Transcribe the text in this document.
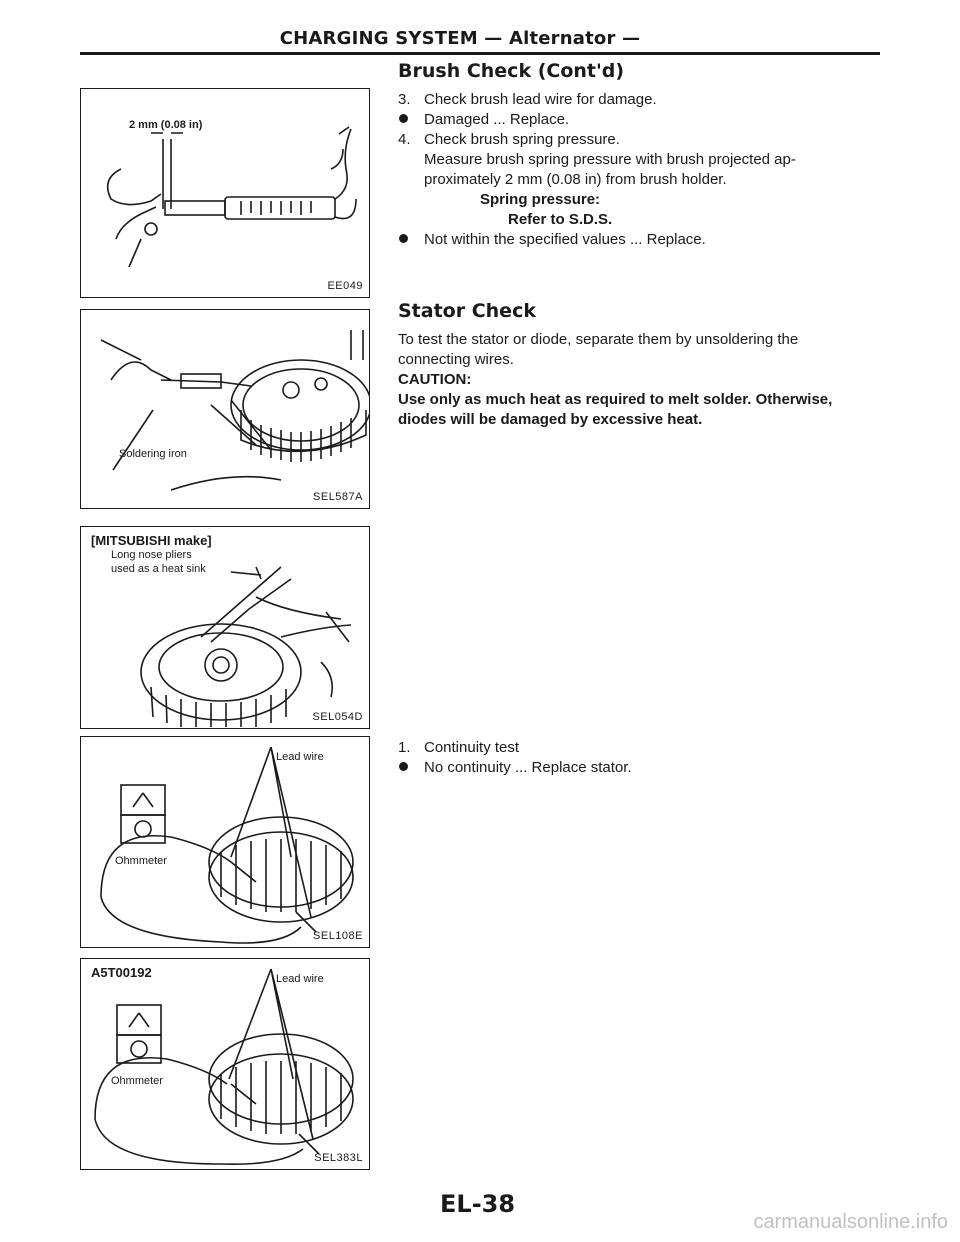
CHARGING SYSTEM — Alternator —
Brush Check (Cont'd)
3. Check brush lead wire for damage.
Damaged ... Replace.
4. Check brush spring pressure.
Measure brush spring pressure with brush projected ap-
proximately 2 mm (0.08 in) from brush holder.
Spring pressure:
Refer to S.D.S.
Not within the specified values ... Replace.
Stator Check
To test the stator or diode, separate them by unsoldering the
connecting wires.
CAUTION:
Use only as much heat as required to melt solder. Otherwise,
diodes will be damaged by excessive heat.
1. Continuity test
No continuity ... Replace stator.
2 mm (0.08 in)
EE049
Soldering iron
SEL587A
[MITSUBISHI make]
Long nose pliers
used as a heat sink
SEL054D
Lead wire
Ohmmeter
SEL108E
A5T00192	Lead wire
Ohmmeter
SEL383L
EL-38
carmanualsonline.info
